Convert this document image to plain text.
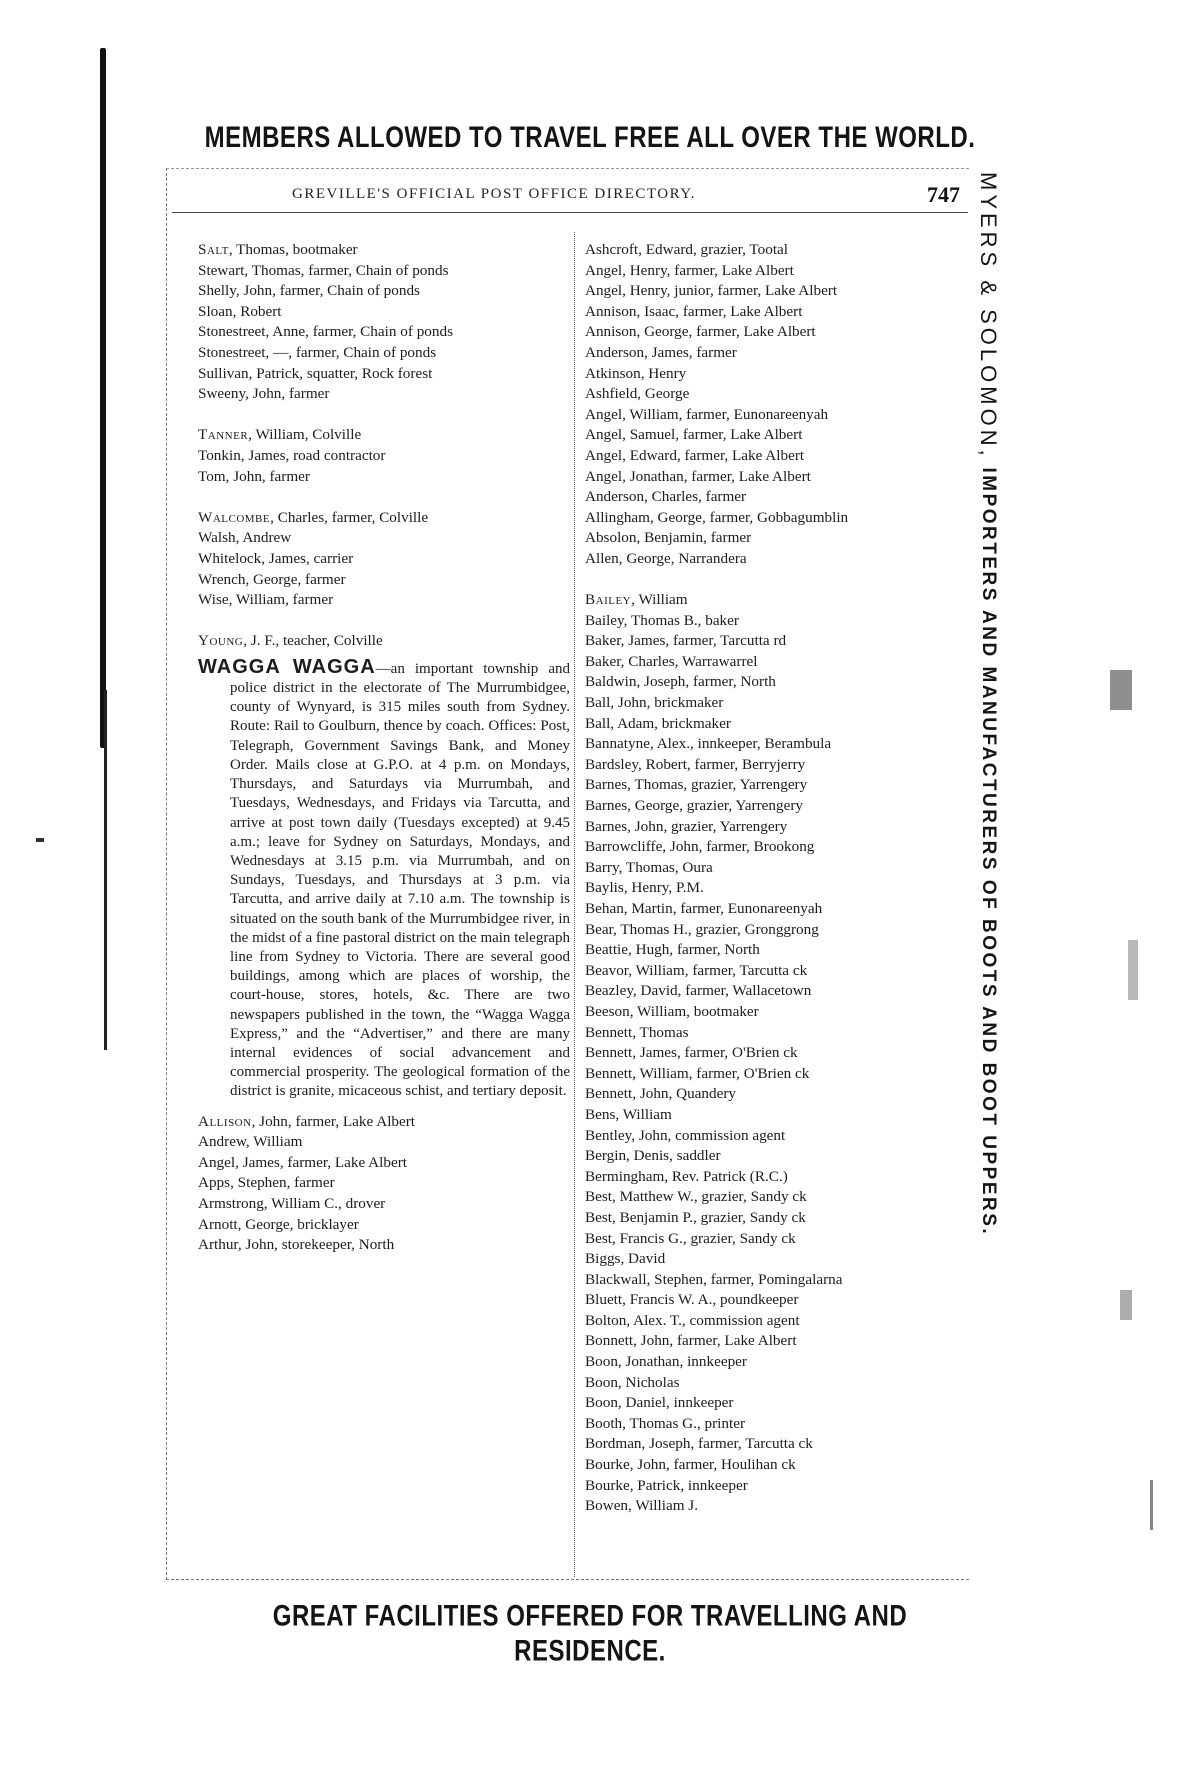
MEMBERS ALLOWED TO TRAVEL FREE ALL OVER THE WORLD.
GREVILLE'S OFFICIAL POST OFFICE DIRECTORY.	747
Salt, Thomas, bootmaker
Stewart, Thomas, farmer, Chain of ponds
Shelly, John, farmer, Chain of ponds
Sloan, Robert
Stonestreet, Anne, farmer, Chain of ponds
Stonestreet, —, farmer, Chain of ponds
Sullivan, Patrick, squatter, Rock forest
Sweeny, John, farmer
Tanner, William, Colville
Tonkin, James, road contractor
Tom, John, farmer
Walcombe, Charles, farmer, Colville
Walsh, Andrew
Whitelock, James, carrier
Wrench, George, farmer
Wise, William, farmer
Young, J. F., teacher, Colville
WAGGA WAGGA—an important township and police district in the electorate of The Murrumbidgee, county of Wynyard, is 315 miles south from Sydney. Route: Rail to Goulburn, thence by coach. Offices: Post, Telegraph, Government Savings Bank, and Money Order. Mails close at G.P.O. at 4 p.m. on Mondays, Thursdays, and Saturdays via Murrumbah, and Tuesdays, Wednesdays, and Fridays via Tarcutta, and arrive at post town daily (Tuesdays excepted) at 9.45 a.m.; leave for Sydney on Saturdays, Mondays, and Wednesdays at 3.15 p.m. via Murrumbah, and on Sundays, Tuesdays, and Thursdays at 3 p.m. via Tarcutta, and arrive daily at 7.10 a.m. The township is situated on the south bank of the Murrumbidgee river, in the midst of a fine pastoral district on the main telegraph line from Sydney to Victoria. There are several good buildings, among which are places of worship, the court-house, stores, hotels, &c. There are two newspapers published in the town, the “Wagga Wagga Express,” and the “Advertiser,” and there are many internal evidences of social advancement and commercial prosperity. The geological formation of the district is granite, micaceous schist, and tertiary deposit.
Allison, John, farmer, Lake Albert
Andrew, William
Angel, James, farmer, Lake Albert
Apps, Stephen, farmer
Armstrong, William C., drover
Arnott, George, bricklayer
Arthur, John, storekeeper, North
Ashcroft, Edward, grazier, Tootal
Angel, Henry, farmer, Lake Albert
Angel, Henry, junior, farmer, Lake Albert
Annison, Isaac, farmer, Lake Albert
Annison, George, farmer, Lake Albert
Anderson, James, farmer
Atkinson, Henry
Ashfield, George
Angel, William, farmer, Eunonareenyah
Angel, Samuel, farmer, Lake Albert
Angel, Edward, farmer, Lake Albert
Angel, Jonathan, farmer, Lake Albert
Anderson, Charles, farmer
Allingham, George, farmer, Gobbagumblin
Absolon, Benjamin, farmer
Allen, George, Narrandera
Bailey, William
Bailey, Thomas B., baker
Baker, James, farmer, Tarcutta rd
Baker, Charles, Warrawarrel
Baldwin, Joseph, farmer, North
Ball, John, brickmaker
Ball, Adam, brickmaker
Bannatyne, Alex., innkeeper, Berambula
Bardsley, Robert, farmer, Berryjerry
Barnes, Thomas, grazier, Yarrengery
Barnes, George, grazier, Yarrengery
Barnes, John, grazier, Yarrengery
Barrowcliffe, John, farmer, Brookong
Barry, Thomas, Oura
Baylis, Henry, P.M.
Behan, Martin, farmer, Eunonareenyah
Bear, Thomas H., grazier, Gronggrong
Beattie, Hugh, farmer, North
Beavor, William, farmer, Tarcutta ck
Beazley, David, farmer, Wallacetown
Beeson, William, bootmaker
Bennett, Thomas
Bennett, James, farmer, O'Brien ck
Bennett, William, farmer, O'Brien ck
Bennett, John, Quandery
Bens, William
Bentley, John, commission agent
Bergin, Denis, saddler
Bermingham, Rev. Patrick (R.C.)
Best, Matthew W., grazier, Sandy ck
Best, Benjamin P., grazier, Sandy ck
Best, Francis G., grazier, Sandy ck
Biggs, David
Blackwall, Stephen, farmer, Pomingalarna
Bluett, Francis W. A., poundkeeper
Bolton, Alex. T., commission agent
Bonnett, John, farmer, Lake Albert
Boon, Jonathan, innkeeper
Boon, Nicholas
Boon, Daniel, innkeeper
Booth, Thomas G., printer
Bordman, Joseph, farmer, Tarcutta ck
Bourke, John, farmer, Houlihan ck
Bourke, Patrick, innkeeper
Bowen, William J.
MYERS & SOLOMON, IMPORTERS AND MANUFACTURERS OF BOOTS AND BOOT UPPERS.
GREAT FACILITIES OFFERED FOR TRAVELLING AND RESIDENCE.
